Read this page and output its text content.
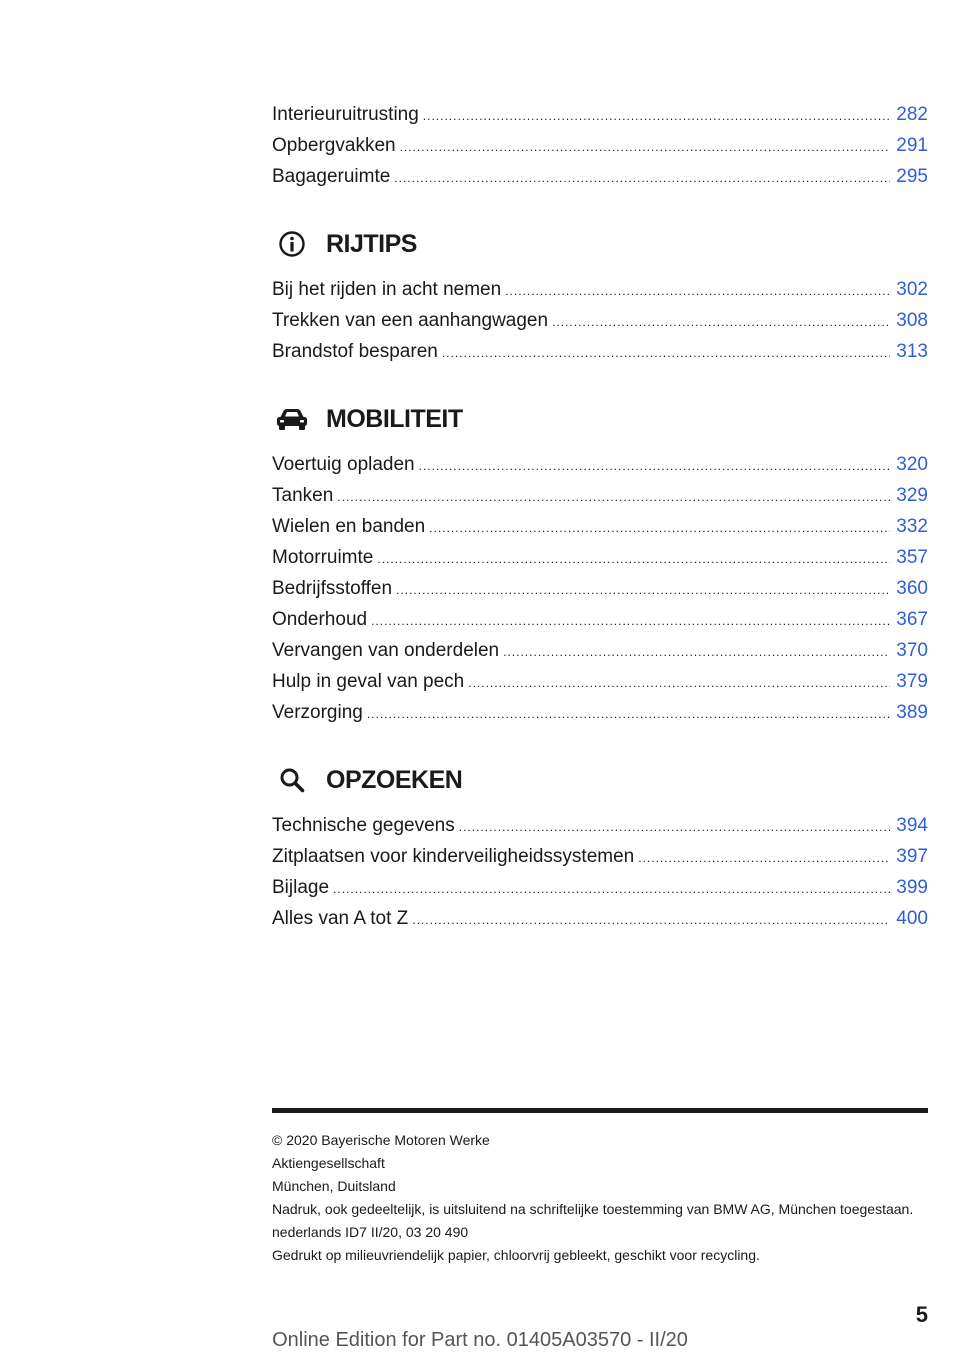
Interieuruitrusting .....	282
Opbergvakken .....	291
Bagageruimte .....	295
RIJTIPS
Bij het rijden in acht nemen .....	302
Trekken van een aanhangwagen .....	308
Brandstof besparen .....	313
MOBILITEIT
Voertuig opladen .....	320
Tanken .....	329
Wielen en banden .....	332
Motorruimte .....	357
Bedrijfsstoffen .....	360
Onderhoud .....	367
Vervangen van onderdelen .....	370
Hulp in geval van pech .....	379
Verzorging .....	389
OPZOEKEN
Technische gegevens .....	394
Zitplaatsen voor kinderveiligheidssystemen .....	397
Bijlage .....	399
Alles van A tot Z .....	400

© 2020 Bayerische Motoren Werke

Aktiengesellschaft

München, Duitsland

Nadruk, ook gedeeltelijk, is uitsluitend na schriftelijke toestemming van BMW AG, München toegestaan.

nederlands ID7 II/20, 03 20 490

Gedrukt op milieuvriendelijk papier, chloorvrij gebleekt, geschikt voor recycling.

5
Online Edition for Part no. 01405A03570 - II/20
